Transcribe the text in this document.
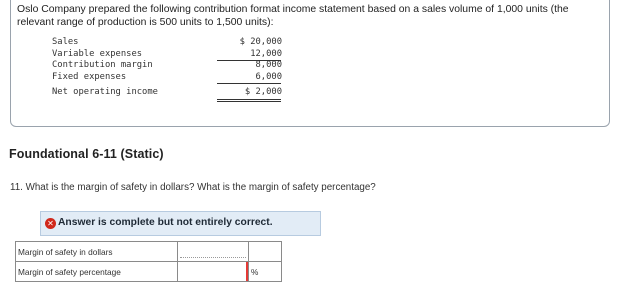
Oslo Company prepared the following contribution format income statement based on a sales volume of 1,000 units (the relevant range of production is 500 units to 1,500 units):
Sales	$ 20,000
Variable expenses	12,000
Contribution margin	8,000
Fixed expenses	6,000
Net operating income	$ 2,000
Foundational 6-11 (Static)
11. What is the margin of safety in dollars? What is the margin of safety percentage?
✕ Answer is complete but not entirely correct.
Margin of safety in dollars	

Margin of safety percentage		%
